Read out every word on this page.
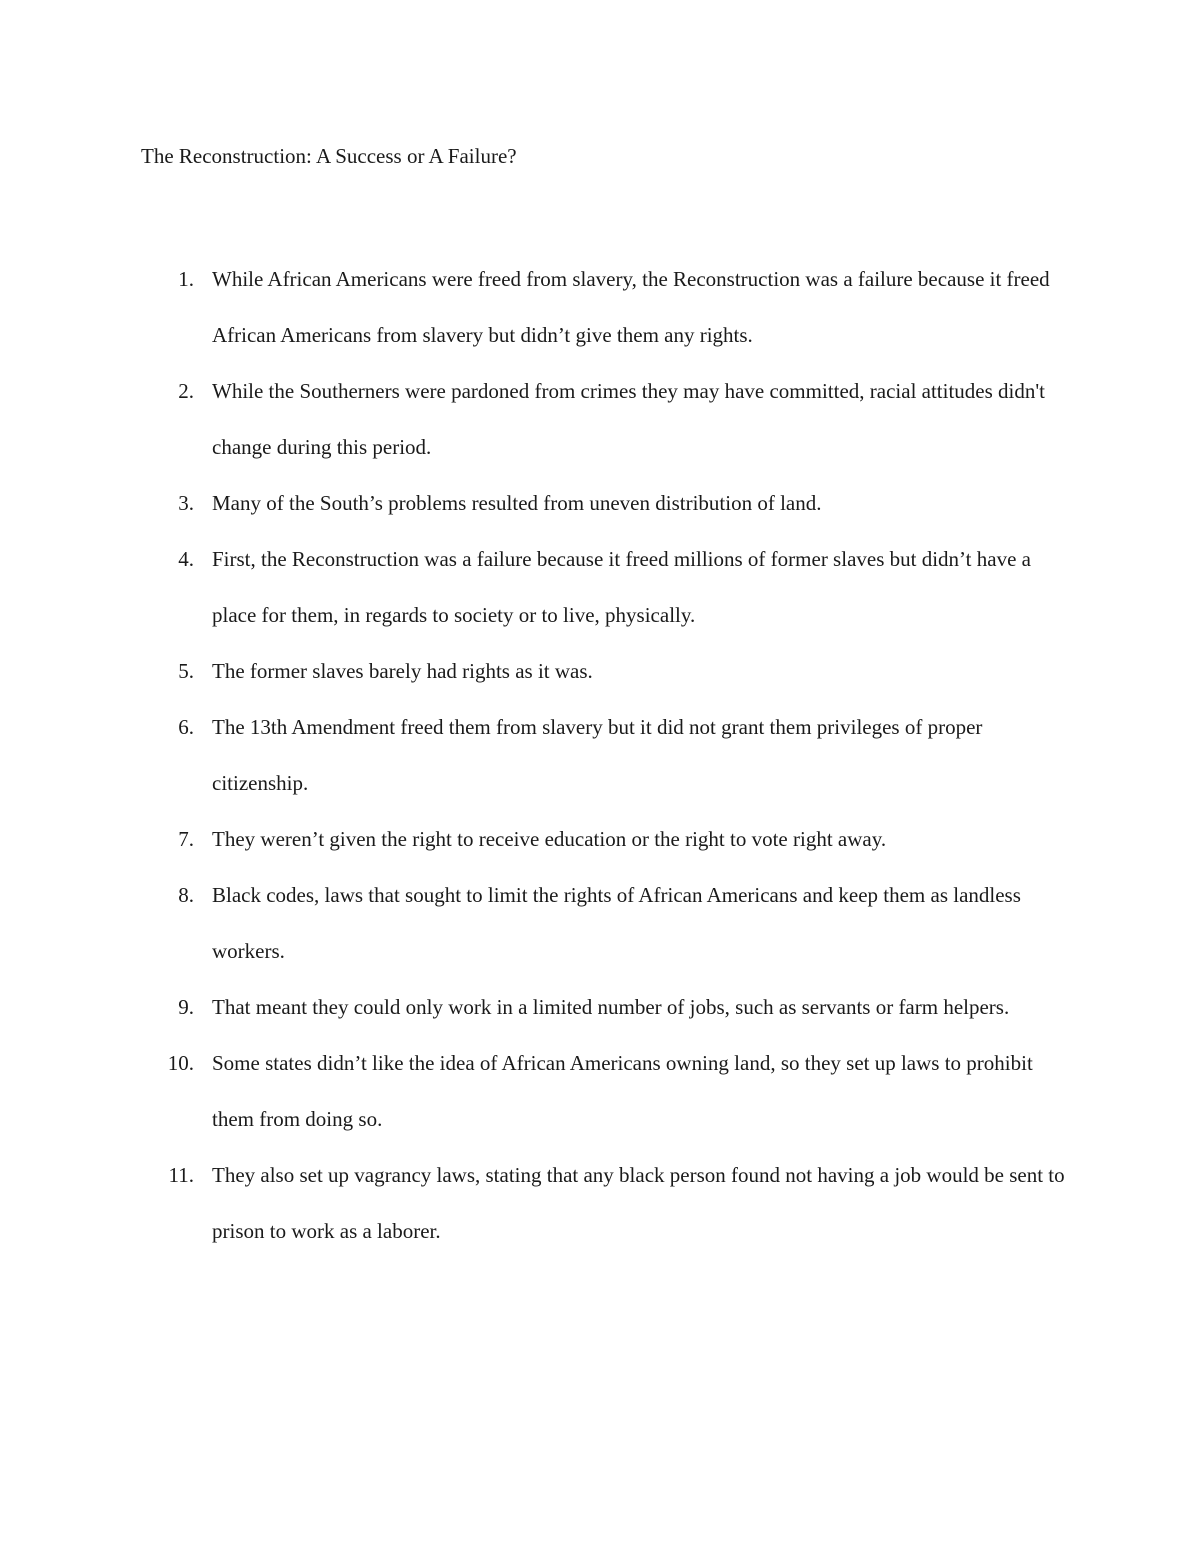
The Reconstruction: A Success or A Failure?
1. While African Americans were freed from slavery, the Reconstruction was a failure because it freed African Americans from slavery but didn’t give them any rights.
2. While the Southerners were pardoned from crimes they may have committed, racial attitudes didn't change during this period.
3. Many of the South’s problems resulted from uneven distribution of land.
4. First, the Reconstruction was a failure because it freed millions of former slaves but didn’t have a place for them, in regards to society or to live, physically.
5. The former slaves barely had rights as it was.
6. The 13th Amendment freed them from slavery but it did not grant them privileges of proper citizenship.
7. They weren’t given the right to receive education or the right to vote right away.
8. Black codes, laws that sought to limit the rights of African Americans and keep them as landless workers.
9. That meant they could only work in a limited number of jobs, such as servants or farm helpers.
10. Some states didn’t like the idea of African Americans owning land, so they set up laws to prohibit them from doing so.
11. They also set up vagrancy laws, stating that any black person found not having a job would be sent to prison to work as a laborer.
